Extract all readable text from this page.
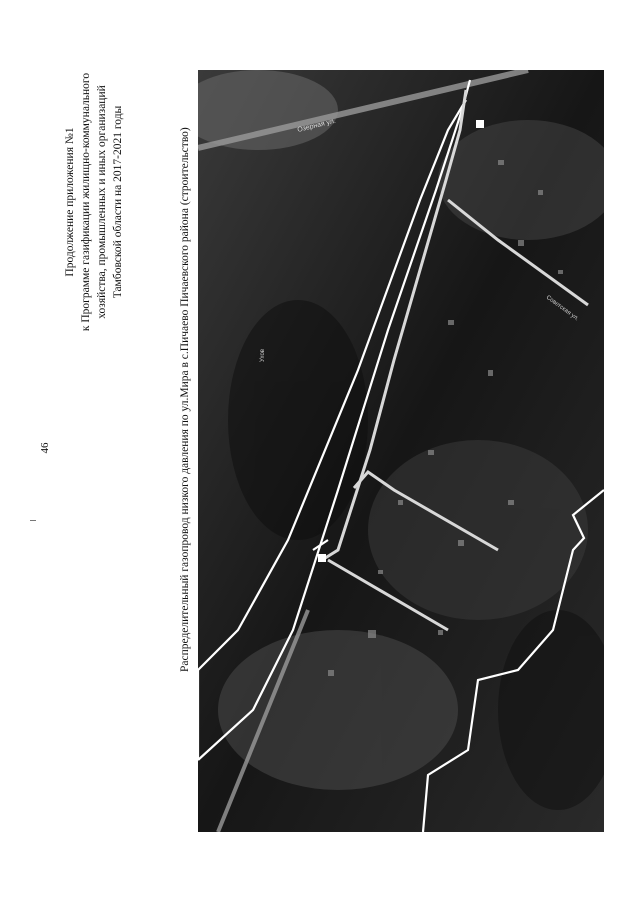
46
Продолжение приложения №1 к Программе газификации жилищно-коммунального хозяйства, промышленных и иных организаций Тамбовской области на 2017-2021 годы	Распределительный газопровод низкого давления по ул.Мира в с.Пичаево Пичаевского района (строительство)
Озерная ул.
Советская ул.
Ухов
